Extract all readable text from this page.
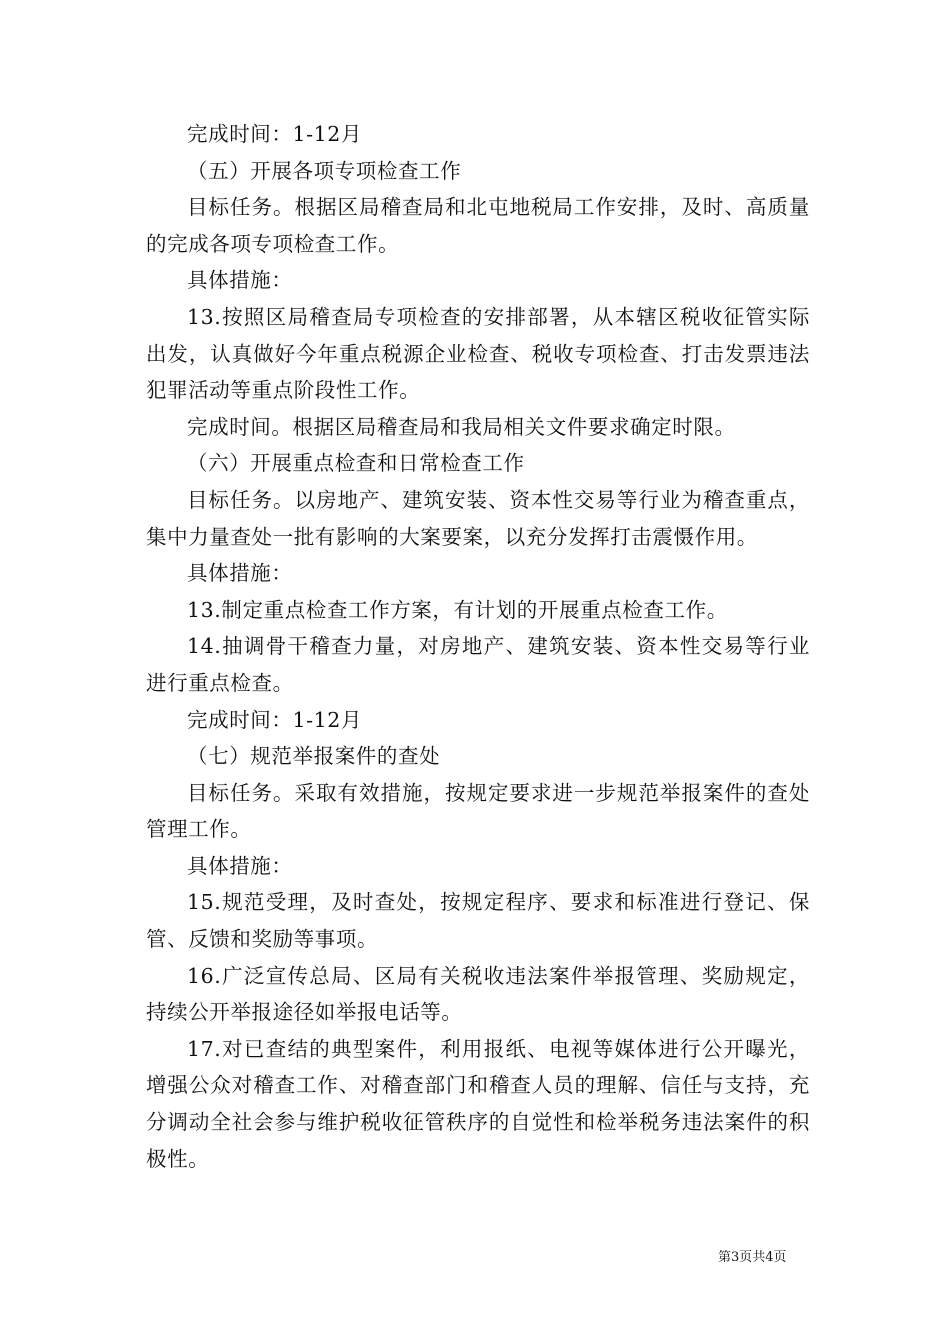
完成时间：1-12月

（五）开展各项专项检查工作

目标任务。根据区局稽查局和北屯地税局工作安排，及时、高质量的完成各项专项检查工作。

具体措施：

13.按照区局稽查局专项检查的安排部署，从本辖区税收征管实际出发，认真做好今年重点税源企业检查、税收专项检查、打击发票违法犯罪活动等重点阶段性工作。

完成时间。根据区局稽查局和我局相关文件要求确定时限。

（六）开展重点检查和日常检查工作

目标任务。以房地产、建筑安装、资本性交易等行业为稽查重点，集中力量查处一批有影响的大案要案，以充分发挥打击震慑作用。

具体措施：

13.制定重点检查工作方案，有计划的开展重点检查工作。

14.抽调骨干稽查力量，对房地产、建筑安装、资本性交易等行业进行重点检查。

完成时间：1-12月

（七）规范举报案件的查处

目标任务。采取有效措施，按规定要求进一步规范举报案件的查处管理工作。

具体措施：

15.规范受理，及时查处，按规定程序、要求和标准进行登记、保管、反馈和奖励等事项。

16.广泛宣传总局、区局有关税收违法案件举报管理、奖励规定，持续公开举报途径如举报电话等。

17.对已查结的典型案件，利用报纸、电视等媒体进行公开曝光，增强公众对稽查工作、对稽查部门和稽查人员的理解、信任与支持，充分调动全社会参与维护税收征管秩序的自觉性和检举税务违法案件的积极性。

第3页共4页
